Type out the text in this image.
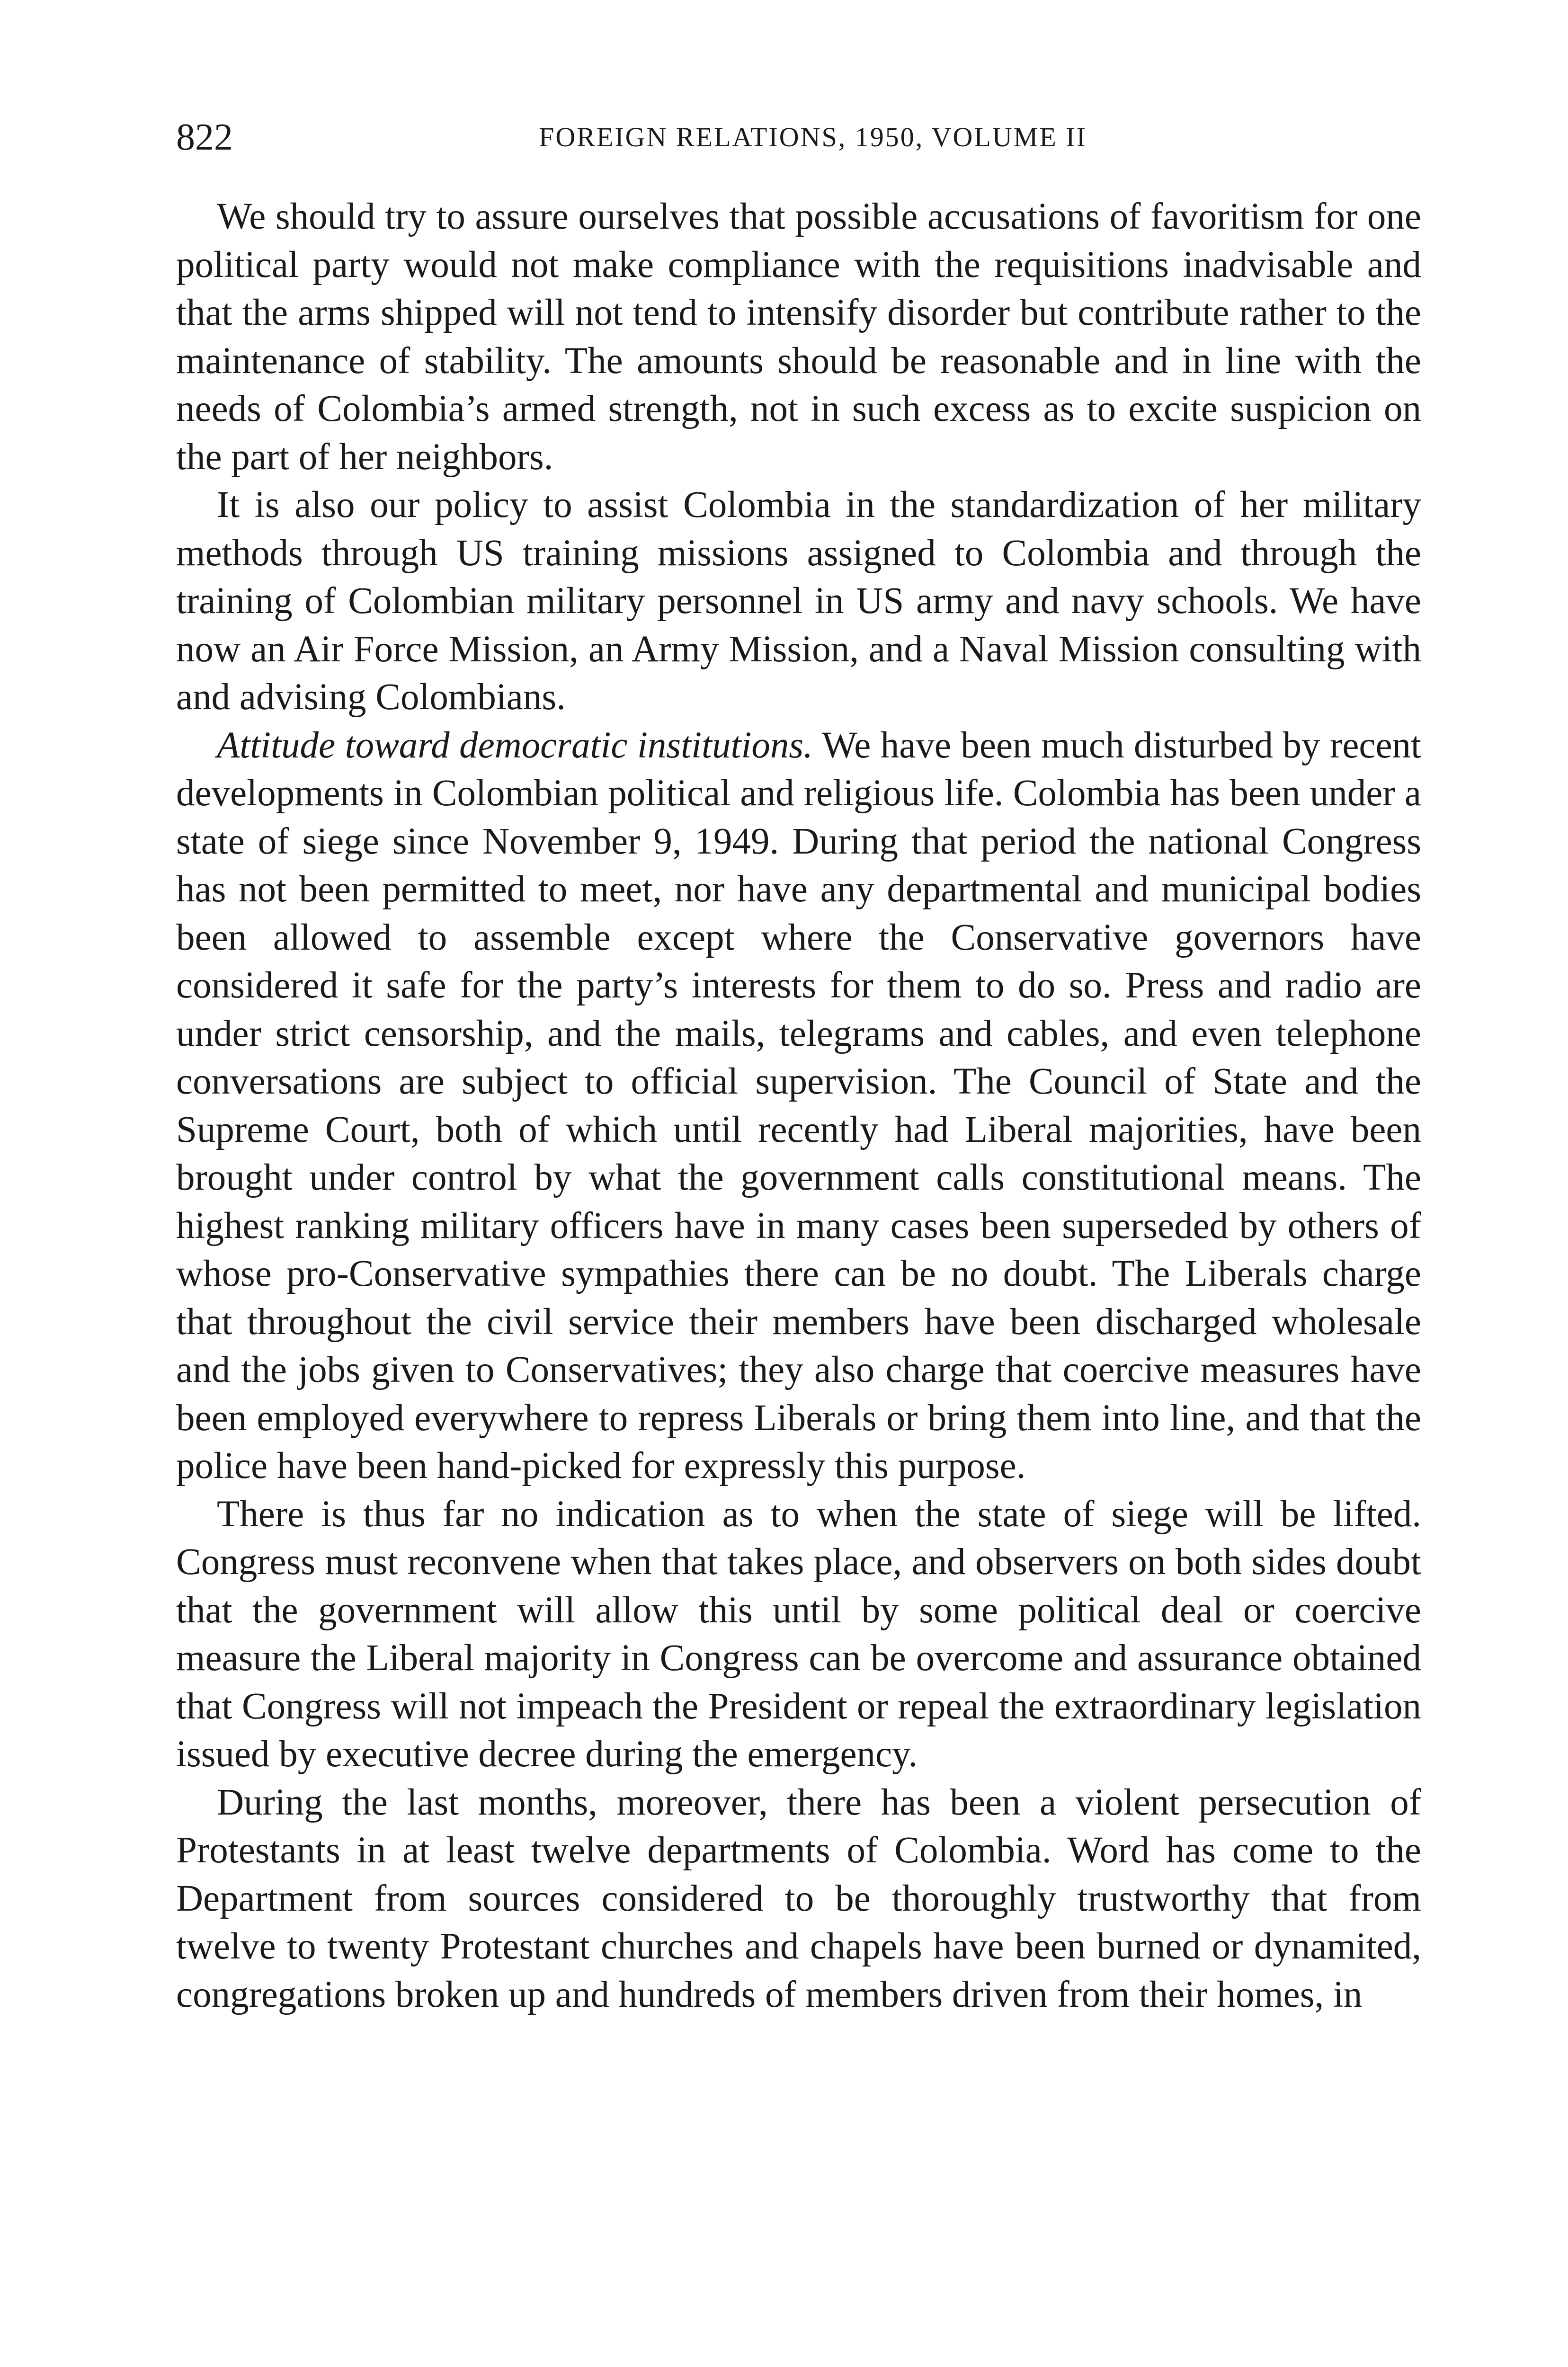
822	FOREIGN RELATIONS, 1950, VOLUME II

We should try to assure ourselves that possible accusations of favoritism for one political party would not make compliance with the requisitions inadvisable and that the arms shipped will not tend to intensify disorder but contribute rather to the maintenance of stability. The amounts should be reasonable and in line with the needs of Colombia’s armed strength, not in such excess as to excite suspicion on the part of her neighbors.

It is also our policy to assist Colombia in the standardization of her military methods through US training missions assigned to Colombia and through the training of Colombian military personnel in US army and navy schools. We have now an Air Force Mission, an Army Mission, and a Naval Mission consulting with and advising Colombians.

Attitude toward democratic institutions. We have been much disturbed by recent developments in Colombian political and religious life. Colombia has been under a state of siege since November 9, 1949. During that period the national Congress has not been permitted to meet, nor have any departmental and municipal bodies been allowed to assemble except where the Conservative governors have considered it safe for the party’s interests for them to do so. Press and radio are under strict censorship, and the mails, telegrams and cables, and even telephone conversations are subject to official supervision. The Council of State and the Supreme Court, both of which until recently had Liberal majorities, have been brought under control by what the government calls constitutional means. The highest ranking military officers have in many cases been superseded by others of whose pro-Conservative sympathies there can be no doubt. The Liberals charge that throughout the civil service their members have been discharged wholesale and the jobs given to Conservatives; they also charge that coercive measures have been employed everywhere to repress Liberals or bring them into line, and that the police have been hand-picked for expressly this purpose.

There is thus far no indication as to when the state of siege will be lifted. Congress must reconvene when that takes place, and observers on both sides doubt that the government will allow this until by some political deal or coercive measure the Liberal majority in Congress can be overcome and assurance obtained that Congress will not impeach the President or repeal the extraordinary legislation issued by executive decree during the emergency.

During the last months, moreover, there has been a violent persecution of Protestants in at least twelve departments of Colombia. Word has come to the Department from sources considered to be thoroughly trustworthy that from twelve to twenty Protestant churches and chapels have been burned or dynamited, congregations broken up and hundreds of members driven from their homes, in
